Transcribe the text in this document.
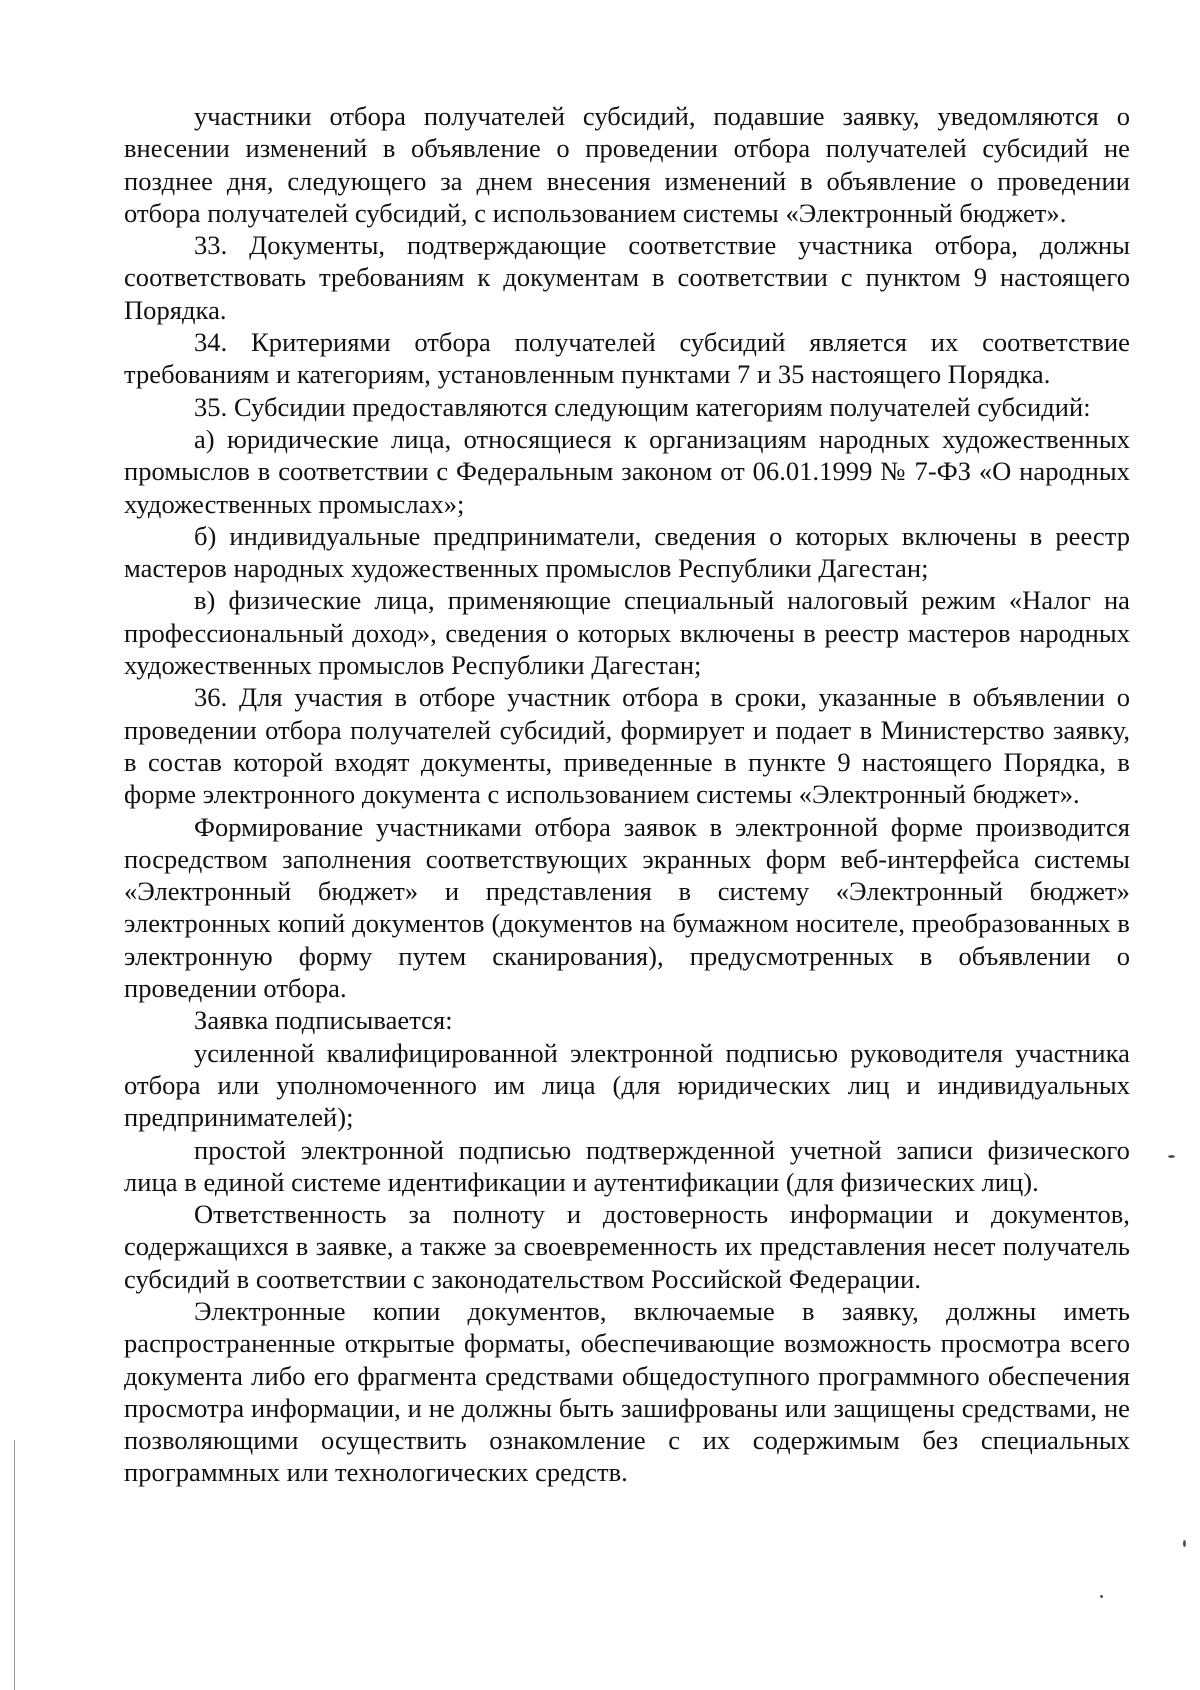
участники отбора получателей субсидий, подавшие заявку, уведомляются о внесении изменений в объявление о проведении отбора получателей субсидий не позднее дня, следующего за днем внесения изменений в объявление о проведении отбора получателей субсидий, с использованием системы «Электронный бюджет».

33. Документы, подтверждающие соответствие участника отбора, должны соответствовать требованиям к документам в соответствии с пунктом 9 настоящего Порядка.

34. Критериями отбора получателей субсидий является их соответствие требованиям и категориям, установленным пунктами 7 и 35 настоящего Порядка.

35. Субсидии предоставляются следующим категориям получателей субсидий:

а) юридические лица, относящиеся к организациям народных художественных промыслов в соответствии с Федеральным законом от 06.01.1999 № 7-ФЗ «О народных художественных промыслах»;

б) индивидуальные предприниматели, сведения о которых включены в реестр мастеров народных художественных промыслов Республики Дагестан;

в) физические лица, применяющие специальный налоговый режим «Налог на профессиональный доход», сведения о которых включены в реестр мастеров народных художественных промыслов Республики Дагестан;

36. Для участия в отборе участник отбора в сроки, указанные в объявлении о проведении отбора получателей субсидий, формирует и подает в Министерство заявку, в состав которой входят документы, приведенные в пункте 9 настоящего Порядка, в форме электронного документа с использованием системы «Электронный бюджет».

Формирование участниками отбора заявок в электронной форме производится посредством заполнения соответствующих экранных форм веб-интерфейса системы «Электронный бюджет» и представления в систему «Электронный бюджет» электронных копий документов (документов на бумажном носителе, преобразованных в электронную форму путем сканирования), предусмотренных в объявлении о проведении отбора.

Заявка подписывается:

усиленной квалифицированной электронной подписью руководителя участника отбора или уполномоченного им лица (для юридических лиц и индивидуальных предпринимателей);

простой электронной подписью подтвержденной учетной записи физического лица в единой системе идентификации и аутентификации (для физических лиц).

Ответственность за полноту и достоверность информации и документов, содержащихся в заявке, а также за своевременность их представления несет получатель субсидий в соответствии с законодательством Российской Федерации.

Электронные копии документов, включаемые в заявку, должны иметь распространенные открытые форматы, обеспечивающие возможность просмотра всего документа либо его фрагмента средствами общедоступного программного обеспечения просмотра информации, и не должны быть зашифрованы или защищены средствами, не позволяющими осуществить ознакомление с их содержимым без специальных программных или технологических средств.
